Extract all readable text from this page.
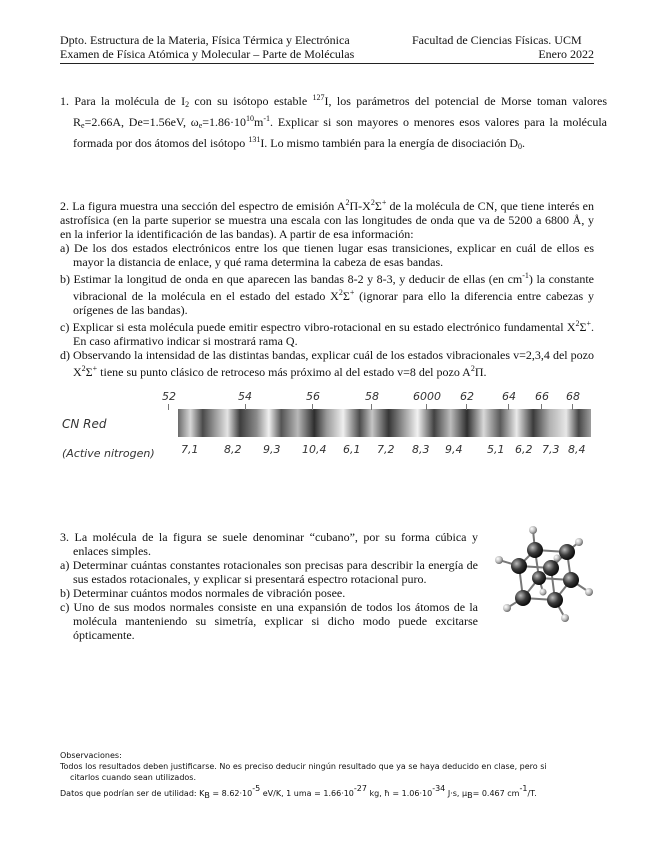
Dpto. Estructura de la Materia, Física Térmica y Electrónica
Examen de Física Atómica y Molecular – Parte de Moléculas
Facultad de Ciencias Físicas. UCM
Enero 2022
1. Para la molécula de $I_2$ con su isótopo estable $^{127}$I, los parámetros del potencial de Morse toman valores $R_e=2.66A$, De=1.56eV, $\omega_e=1.86\cdot 10^{10}m^{-1}$. Explicar si son mayores o menores esos valores para la molécula formada por dos átomos del isótopo $^{131}$I. Lo mismo también para la energía de disociación $D_0$.
2. La figura muestra una sección del espectro de emisión $A^2\Pi-X^2\Sigma^+$ de la molécula de CN, que tiene interés en astrofísica (en la parte superior se muestra una escala con las longitudes de onda que va de 5200 a 6800 Å, y en la inferior la identificación de las bandas). A partir de esa información:
a) De los dos estados electrónicos entre los que tienen lugar esas transiciones, explicar en cuál de ellos es mayor la distancia de enlace, y qué rama determina la cabeza de esas bandas.
b) Estimar la longitud de onda en que aparecen las bandas 8-2 y 8-3, y deducir de ellas (en $cm^{-1}$) la constante vibracional de la molécula en el estado del estado $X^2\Sigma^+$ (ignorar para ello la diferencia entre cabezas y orígenes de las bandas).
c) Explicar si esta molécula puede emitir espectro vibro-rotacional en su estado electrónico fundamental $X^2\Sigma^+$. En caso afirmativo indicar si mostrará rama Q.
d) Observando la intensidad de las distintas bandas, explicar cuál de los estados vibracionales v=2,3,4 del pozo $X^2\Sigma^+$ tiene su punto clásico de retroceso más próximo al del estado v=8 del pozo $A^2\Pi$.
CN Red
(Active nitrogen)
52	54	56	58	6000 62	64 66 68
7,1 8,2 9,3 10,4 6,1 7,2 8,3 9,4 5,1 6,2 7,3 8,4
3. La molécula de la figura se suele denominar “cubano”, por su forma cúbica y enlaces simples.
a) Determinar cuántas constantes rotacionales son precisas para describir la energía de sus estados rotacionales, y explicar si presentará espectro rotacional puro.
b) Determinar cuántos modos normales de vibración posee.
c) Uno de sus modos normales consiste en una expansión de todos los átomos de la molécula manteniendo su simetría, explicar si dicho modo puede excitarse ópticamente.
Observaciones:
Todos los resultados deben justificarse. No es preciso deducir ningún resultado que ya se haya deducido en clase, pero si
citarlos cuando sean utilizados.
Datos que podrían ser de utilidad: KB = 8.62·10-5 eV/K, 1 uma = 1.66·10-27 kg, ħ = 1.06·10-34 J·s, μB= 0.467 cm-1/T.
